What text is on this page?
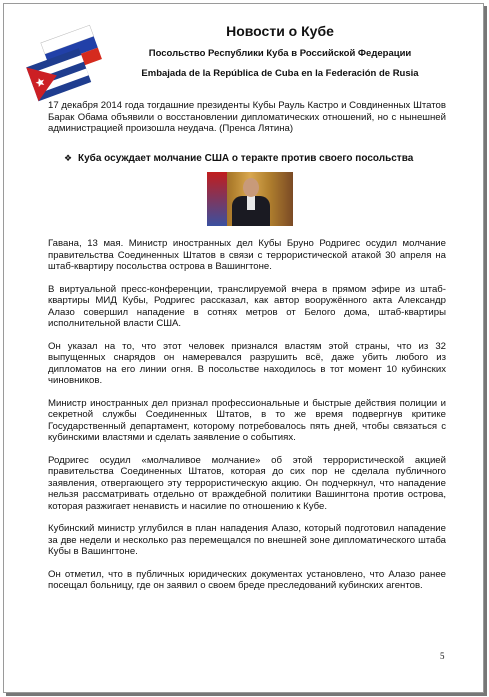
Новости о Кубе

Посольство Республики Куба в Российской Федерации

Embajada de la República de Cuba en la Federación de Rusia

17 декабря 2014 года тогдашние президенты Кубы Рауль Кастро и Совдиненных Штатов Барак Обама объявили о восстановлении дипломатических отношений, но с нынешней администрацией произошла неудача. (Пренса Лятина)

❖ Куба осуждает молчание США о теракте против своего посольства

Гавана, 13 мая. Министр иностранных дел Кубы Бруно Родригес осудил молчание правительства Соединенных Штатов в связи с террористической атакой 30 апреля на штаб-квартиру посольства острова в Вашингтоне.

В виртуальной пресс-конференции, транслируемой вчера в прямом эфире из штаб-квартиры МИД Кубы, Родригес рассказал, как автор вооружённого акта Александр Алазо совершил нападение в сотнях метров от Белого дома, штаб-квартиры исполнительной власти США.

Он указал на то, что этот человек признался властям этой страны, что из 32 выпущенных снарядов он намеревался разрушить всё, даже убить любого из дипломатов на его линии огня. В посольстве находилось в тот момент 10 кубинских чиновников.

Министр иностранных дел признал профессиональные и быстрые действия полиции и секретной службы Соединенных Штатов, в то же время подвергнув критике Государственный департамент, которому потребовалось пять дней, чтобы связаться с кубинскими властями и сделать заявление о событиях.

Родригес осудил «молчаливое молчание» об этой террористической акцией правительства Соединенных Штатов, которая до сих пор не сделала публичного заявления, отвергающего эту террористическую акцию. Он подчеркнул, что нападение нельзя рассматривать отдельно от враждебной политики Вашингтона против острова, которая разжигает ненависть и насилие по отношению к Кубе.

Кубинский министр углубился в план нападения Алазо, который подготовил нападение за две недели и несколько раз перемещался по внешней зоне дипломатического штаба Кубы в Вашингтоне.

Он отметил, что в публичных юридических документах установлено, что Алазо ранее посещал больницу, где он заявил о своем бреде преследований кубинских агентов.

5
